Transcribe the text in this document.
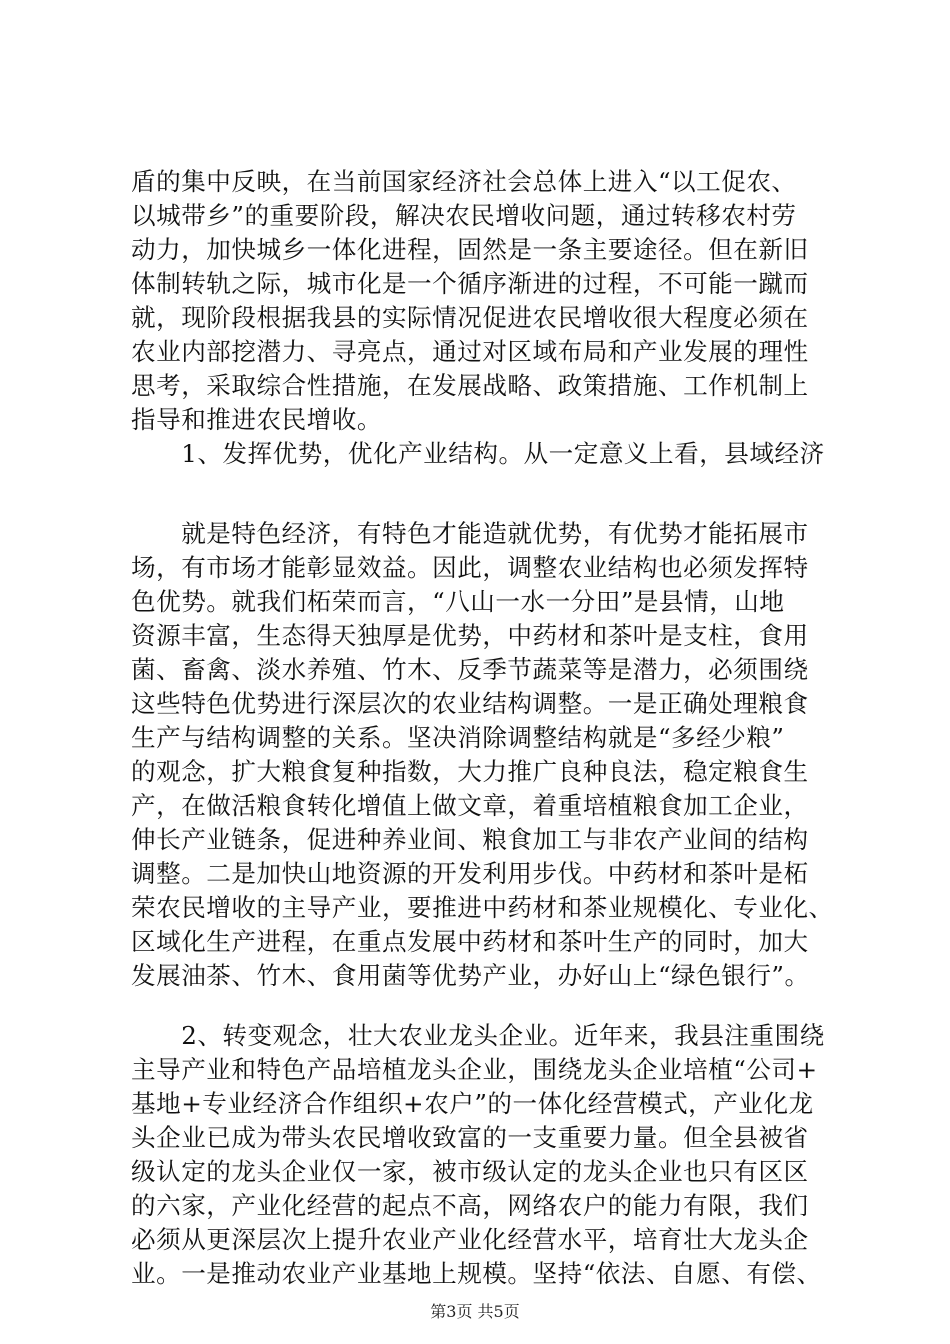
盾的集中反映，在当前国家经济社会总体上进入“以工促农、
以城带乡”的重要阶段，解决农民增收问题，通过转移农村劳
动力，加快城乡一体化进程，固然是一条主要途径。但在新旧
体制转轨之际，城市化是一个循序渐进的过程，不可能一蹴而
就，现阶段根据我县的实际情况促进农民增收很大程度必须在
农业内部挖潜力、寻亮点，通过对区域布局和产业发展的理性
思考，采取综合性措施，在发展战略、政策措施、工作机制上
指导和推进农民增收。
　　1、发挥优势，优化产业结构。从一定意义上看，县域经济
　　就是特色经济，有特色才能造就优势，有优势才能拓展市
场，有市场才能彰显效益。因此，调整农业结构也必须发挥特
色优势。就我们柘荣而言，“八山一水一分田”是县情，山地
资源丰富，生态得天独厚是优势，中药材和茶叶是支柱，食用
菌、畜禽、淡水养殖、竹木、反季节蔬菜等是潜力，必须围绕
这些特色优势进行深层次的农业结构调整。一是正确处理粮食
生产与结构调整的关系。坚决消除调整结构就是“多经少粮”
的观念，扩大粮食复种指数，大力推广良种良法，稳定粮食生
产，在做活粮食转化增值上做文章，着重培植粮食加工企业，
伸长产业链条，促进种养业间、粮食加工与非农产业间的结构
调整。二是加快山地资源的开发利用步伐。中药材和茶叶是柘
荣农民增收的主导产业，要推进中药材和茶业规模化、专业化、
区域化生产进程，在重点发展中药材和茶叶生产的同时，加大
发展油茶、竹木、食用菌等优势产业，办好山上“绿色银行”。
　　2、转变观念，壮大农业龙头企业。近年来，我县注重围绕
主导产业和特色产品培植龙头企业，围绕龙头企业培植“公司+
基地+专业经济合作组织+农户”的一体化经营模式，产业化龙
头企业已成为带头农民增收致富的一支重要力量。但全县被省
级认定的龙头企业仅一家，被市级认定的龙头企业也只有区区
的六家，产业化经营的起点不高，网络农户的能力有限，我们
必须从更深层次上提升农业产业化经营水平，培育壮大龙头企
业。一是推动农业产业基地上规模。坚持“依法、自愿、有偿、
第3页 共5页
